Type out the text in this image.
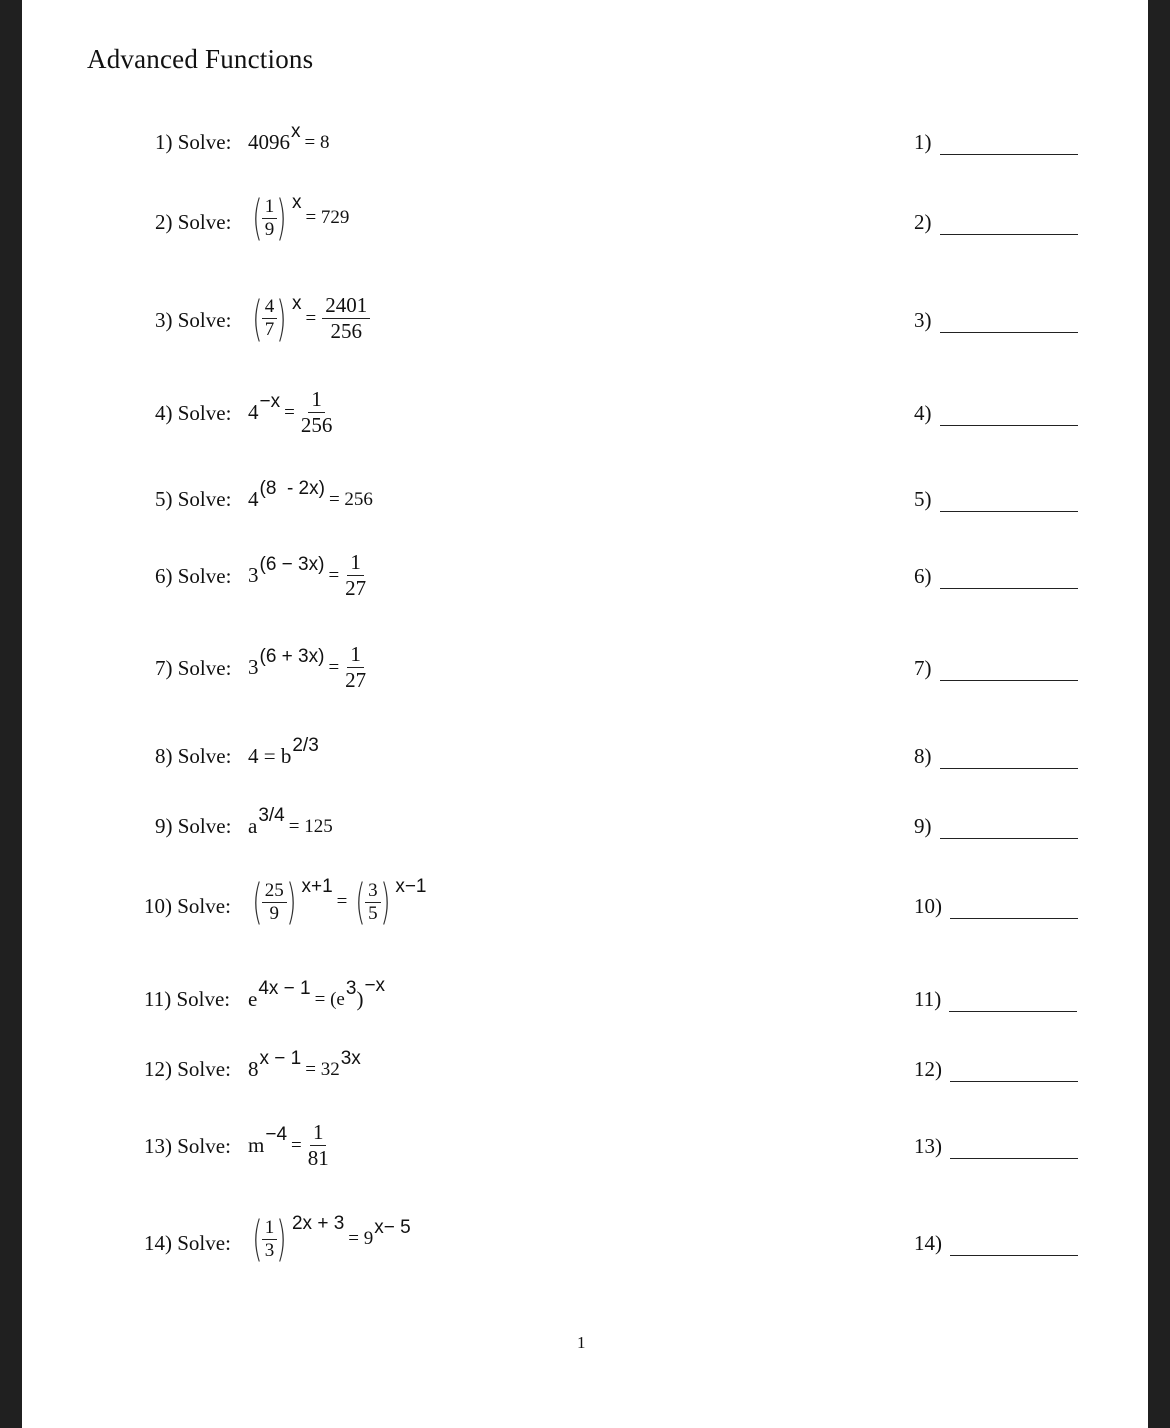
Advanced Functions
1) Solve: $4096^x$
= 8	1)
2) Solve: ( $\frac{1}{9}$ ) x
= 729	2)
3) Solve: ( $\frac{4}{7}$ ) x
= $\frac{2401}{256}$	3)
4) Solve: $4^{-x}$
= $\frac{1}{256}$	4)
5) Solve: $4^{(8 - 2x)}$
= 256	5)
6) Solve: $3^{(6 - 3x)}$
= $\frac{1}{27}$	6)
7) Solve: $3^{(6 + 3x)}$
= $\frac{1}{27}$	7)
8) Solve: $4 = b^{2/3}$	8)
9) Solve: $a^{3/4}$
= 125	9)
10) Solve: ( $\frac{25}{9}$ ) x+1
= ( $\frac{3}{5}$ ) x−1
10)
11) Solve: $e^{4x - 1}$
= (e
$^3$ )
$^{-x}$
11)
12) Solve: $8^{x - 1}$
= 32
$^{3x}$	12)
13) Solve: $m^{-4}$
= $\frac{1}{81}$	13)
14) Solve: ( $\frac{1}{3}$ ) 2x + 3
= 9
$^{x- 5}$
14)
1
